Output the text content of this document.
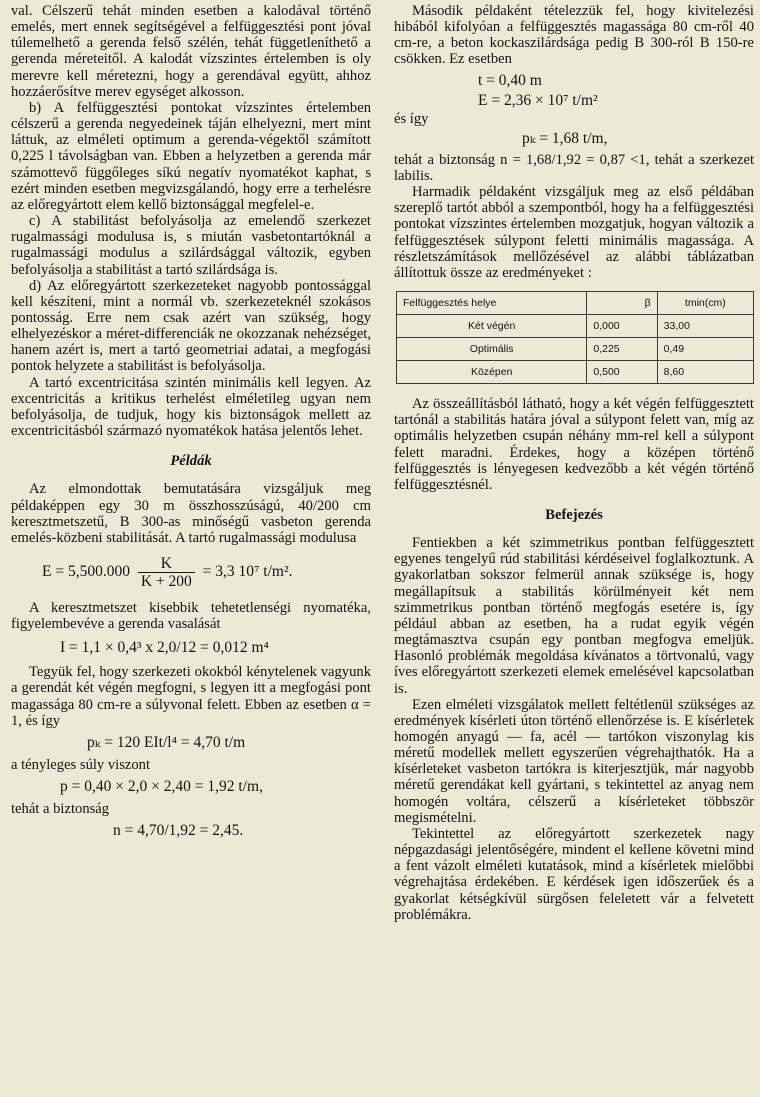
val. Célszerű tehát minden esetben a kalodával történő emelés, mert ennek segítségével a felfüggesztési pont jóval túlemelhető a gerenda felső szélén, tehát függetleníthető a gerenda méreteitől. A kalodát vízszintes értelemben is oly merevre kell méretezni, hogy a gerendával együtt, ahhoz hozzáerősítve merev egységet alkosson.

b) A felfüggesztési pontokat vízszintes értelemben célszerű a gerenda negyedeinek táján elhelyezni, mert mint láttuk, az elméleti optimum a gerenda-végektől számított 0,225 l távolságban van. Ebben a helyzetben a gerenda már számottevő függőleges síkú negatív nyomatékot kaphat, s ezért minden esetben megvizsgálandó, hogy erre a terhelésre az előregyártott elem kellő biztonsággal megfelel-e.

c) A stabilitást befolyásolja az emelendő szerkezet rugalmassági modulusa is, s miután vasbetontartóknál a rugalmassági modulus a szilárdsággal változik, egyben befolyásolja a stabilitást a tartó szilárdsága is.

d) Az előregyártott szerkezeteket nagyobb pontossággal kell készíteni, mint a normál vb. szerkezeteknél szokásos pontosság. Erre nem csak azért van szükség, hogy elhelyezéskor a méret-differenciák ne okozzanak nehézséget, hanem azért is, mert a tartó geometriai adatai, a megfogási pontok helyzete a stabilitást is befolyásolja.

A tartó excentricitása szintén minimális kell legyen. Az excentricitás a kritikus terhelést elméletileg ugyan nem befolyásolja, de tudjuk, hogy kis biztonságok mellett az excentricitásból származó nyomatékok hatása jelentős lehet.

Példák

Az elmondottak bemutatására vizsgáljuk meg példaképpen egy 30 m összhosszúságú, 40/200 cm keresztmetszetű, B 300-as minőségű vasbeton gerenda emelés-közbeni stabilitását. A tartó rugalmassági modulusa

$E = 5,500.000 \frac{K}{K + 200} = 3,3$ 10⁷ t/m².

A keresztmetszet kisebbik tehetetlenségi nyomatéka, figyelembevéve a gerenda vasalását

I = 1,1 × 0,4³ x 2,0/12 = 0,012 m⁴

Tegyük fel, hogy szerkezeti okokból kénytelenek vagyunk a gerendát két végén megfogni, s legyen itt a megfogási pont magassága 80 cm-re a súlyvonal felett. Ebben az esetben α = 1, és így

pₖ = 120 EIt/l⁴ = 4,70 t/m

a tényleges súly viszont

p = 0,40 × 2,0 × 2,40 = 1,92 t/m,

tehát a biztonság

n = 4,70/1,92 = 2,45.

Második példaként tételezzük fel, hogy kivitelezési hibából kifolyóan a felfüggesztés magassága 80 cm-ről 40 cm-re, a beton kockaszilárdsága pedig B 300-ról B 150-re csökken. Ez esetben

t = 0,40 m

E = 2,36 × 10⁷ t/m²

és így

pₖ = 1,68 t/m,

tehát a biztonság n = 1,68/1,92 = 0,87 <1, tehát a szerkezet labilis.

Harmadik példaként vizsgáljuk meg az első példában szereplő tartót abból a szempontból, hogy ha a felfüggesztési pontokat vízszintes értelemben mozgatjuk, hogyan változik a felfüggesztések súlypont feletti minimális magassága. A részletszámítások mellőzésével az alábbi táblázatban állítottuk össze az eredményeket :

Felfüggesztés helye	β	tmin(cm)
Két végén	0,000	33,00
Optimális	0,225	0,49
Középen	0,500	8,60

Az összeállításból látható, hogy a két végén felfüggesztett tartónál a stabilitás határa jóval a súlypont felett van, míg az optimális helyzetben csupán néhány mm-rel kell a súlypont felett maradni. Érdekes, hogy a középen történő felfüggesztés is lényegesen kedvezőbb a két végén történő felfüggesztésnél.

Befejezés

Fentiekben a két szimmetrikus pontban felfüggesztett egyenes tengelyű rúd stabilitási kérdéseivel foglalkoztunk. A gyakorlatban sokszor felmerül annak szüksége is, hogy megállapítsuk a stabilitás körülményeit két nem szimmetrikus pontban történő megfogás esetére is, így például abban az esetben, ha a rudat egyik végén megtámasztva csupán egy pontban megfogva emeljük. Hasonló problémák megoldása kívánatos a törtvonalú, vagy íves előregyártott szerkezeti elemek emelésével kapcsolatban is.

Ezen elméleti vizsgálatok mellett feltétlenül szükséges az eredmények kísérleti úton történő ellenőrzése is. E kísérletek homogén anyagú — fa, acél — tartókon viszonylag kis méretű modellek mellett egyszerűen végrehajthatók. Ha a kísérleteket vasbeton tartókra is kiterjesztjük, már nagyobb méretű gerendákat kell gyártani, s tekintettel az anyag nem homogén voltára, célszerű a kísérleteket többször megismételni.

Tekintettel az előregyártott szerkezetek nagy népgazdasági jelentőségére, mindent el kellene követni mind a fent vázolt elméleti kutatások, mind a kísérletek mielőbbi végrehajtása érdekében. E kérdések igen időszerűek és a gyakorlat kétségkívül sürgősen feleletett vár a felvetett problémákra.
